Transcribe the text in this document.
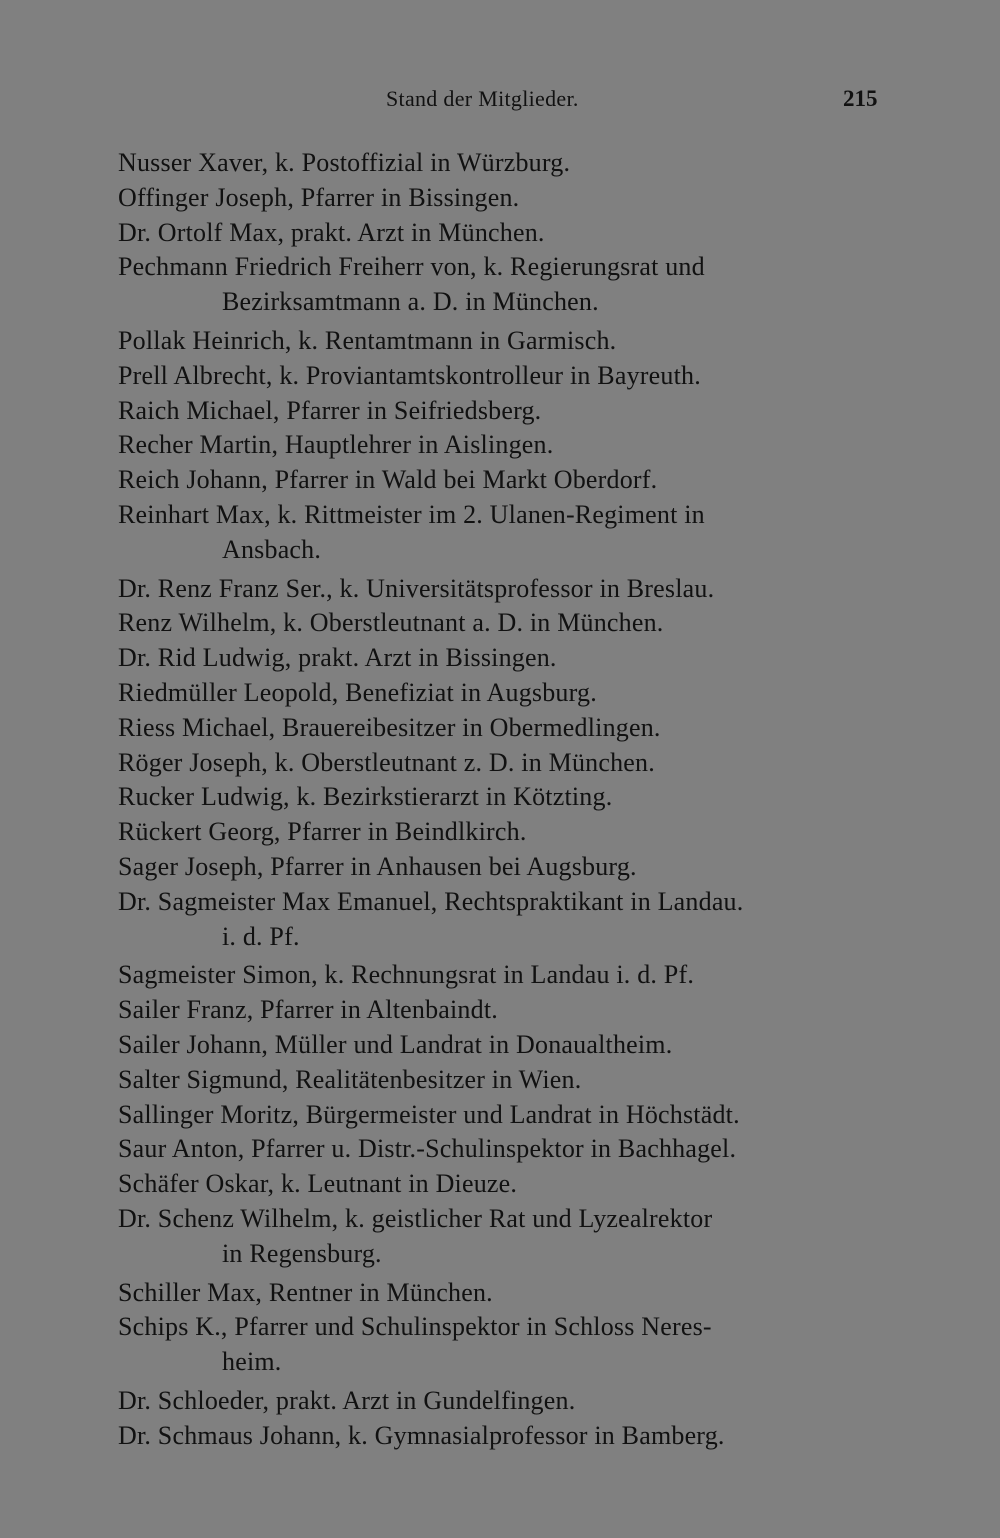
Stand der Mitglieder.	215
Nusser Xaver, k. Postoffizial in Würzburg.
Offinger Joseph, Pfarrer in Bissingen.
Dr. Ortolf Max, prakt. Arzt in München.
Pechmann Friedrich Freiherr von, k. Regierungsrat und
Bezirksamtmann a. D. in München.
Pollak Heinrich, k. Rentamtmann in Garmisch.
Prell Albrecht, k. Proviantamtskontrolleur in Bayreuth.
Raich Michael, Pfarrer in Seifriedsberg.
Recher Martin, Hauptlehrer in Aislingen.
Reich Johann, Pfarrer in Wald bei Markt Oberdorf.
Reinhart Max, k. Rittmeister im 2. Ulanen-Regiment in
Ansbach.
Dr. Renz Franz Ser., k. Universitätsprofessor in Breslau.
Renz Wilhelm, k. Oberstleutnant a. D. in München.
Dr. Rid Ludwig, prakt. Arzt in Bissingen.
Riedmüller Leopold, Benefiziat in Augsburg.
Riess Michael, Brauereibesitzer in Obermedlingen.
Röger Joseph, k. Oberstleutnant z. D. in München.
Rucker Ludwig, k. Bezirkstierarzt in Kötzting.
Rückert Georg, Pfarrer in Beindlkirch.
Sager Joseph, Pfarrer in Anhausen bei Augsburg.
Dr. Sagmeister Max Emanuel, Rechtspraktikant in Landau.
i. d. Pf.
Sagmeister Simon, k. Rechnungsrat in Landau i. d. Pf.
Sailer Franz, Pfarrer in Altenbaindt.
Sailer Johann, Müller und Landrat in Donaualtheim.
Salter Sigmund, Realitätenbesitzer in Wien.
Sallinger Moritz, Bürgermeister und Landrat in Höchstädt.
Saur Anton, Pfarrer u. Distr.-Schulinspektor in Bachhagel.
Schäfer Oskar, k. Leutnant in Dieuze.
Dr. Schenz Wilhelm, k. geistlicher Rat und Lyzealrektor
in Regensburg.
Schiller Max, Rentner in München.
Schips K., Pfarrer und Schulinspektor in Schloss Neres-
heim.
Dr. Schloeder, prakt. Arzt in Gundelfingen.
Dr. Schmaus Johann, k. Gymnasialprofessor in Bamberg.
